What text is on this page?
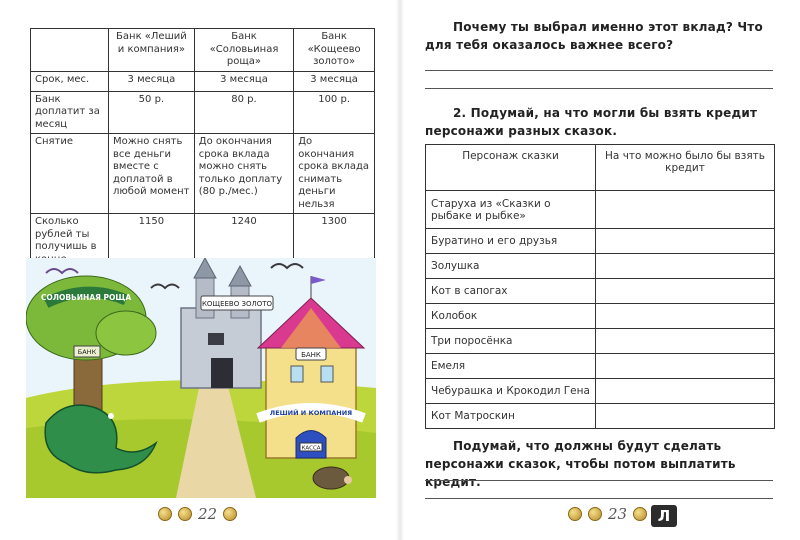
	Банк «Леший и компания»	Банк «Соловьиная роща»	Банк «Кощеево золото»
Срок, мес.	3 месяца	3 месяца	3 месяца
Банк доплатит за месяц	50 р.	80 р.	100 р.
Снятие	Можно снять все деньги вместе с доплатой в любой момент	До окончания срока вклада можно снять только доплату (80 р./мес.)	До окончания срока вклада снимать деньги нельзя
Сколько рублей ты получишь в	1150	1240	1300
КОЩЕЕВО ЗОЛОТО
СОЛОВЬИНАЯ РОЩА
БАНК	БАНК
ЛЕШИЙ И КОМПАНИЯ
КАССА
22
Почему ты выбрал именно этот вклад? Что для тебя оказалось важнее всего?
2. Подумай, на что могли бы взять кредит персонажи разных сказок.
Персонаж сказки	На что можно было бы взять кредит
Старуха из «Сказки о рыбаке и рыбке»	
Буратино и его друзья	
Золушка	
Кот в сапогах	
Колобок	
Три поросёнка	
Емеля	
Чебурашка и Крокодил Гена	
Кот Матроскин	
Подумай, что должны будут сделать персонажи сказок, чтобы потом выплатить кредит.
23	Л
